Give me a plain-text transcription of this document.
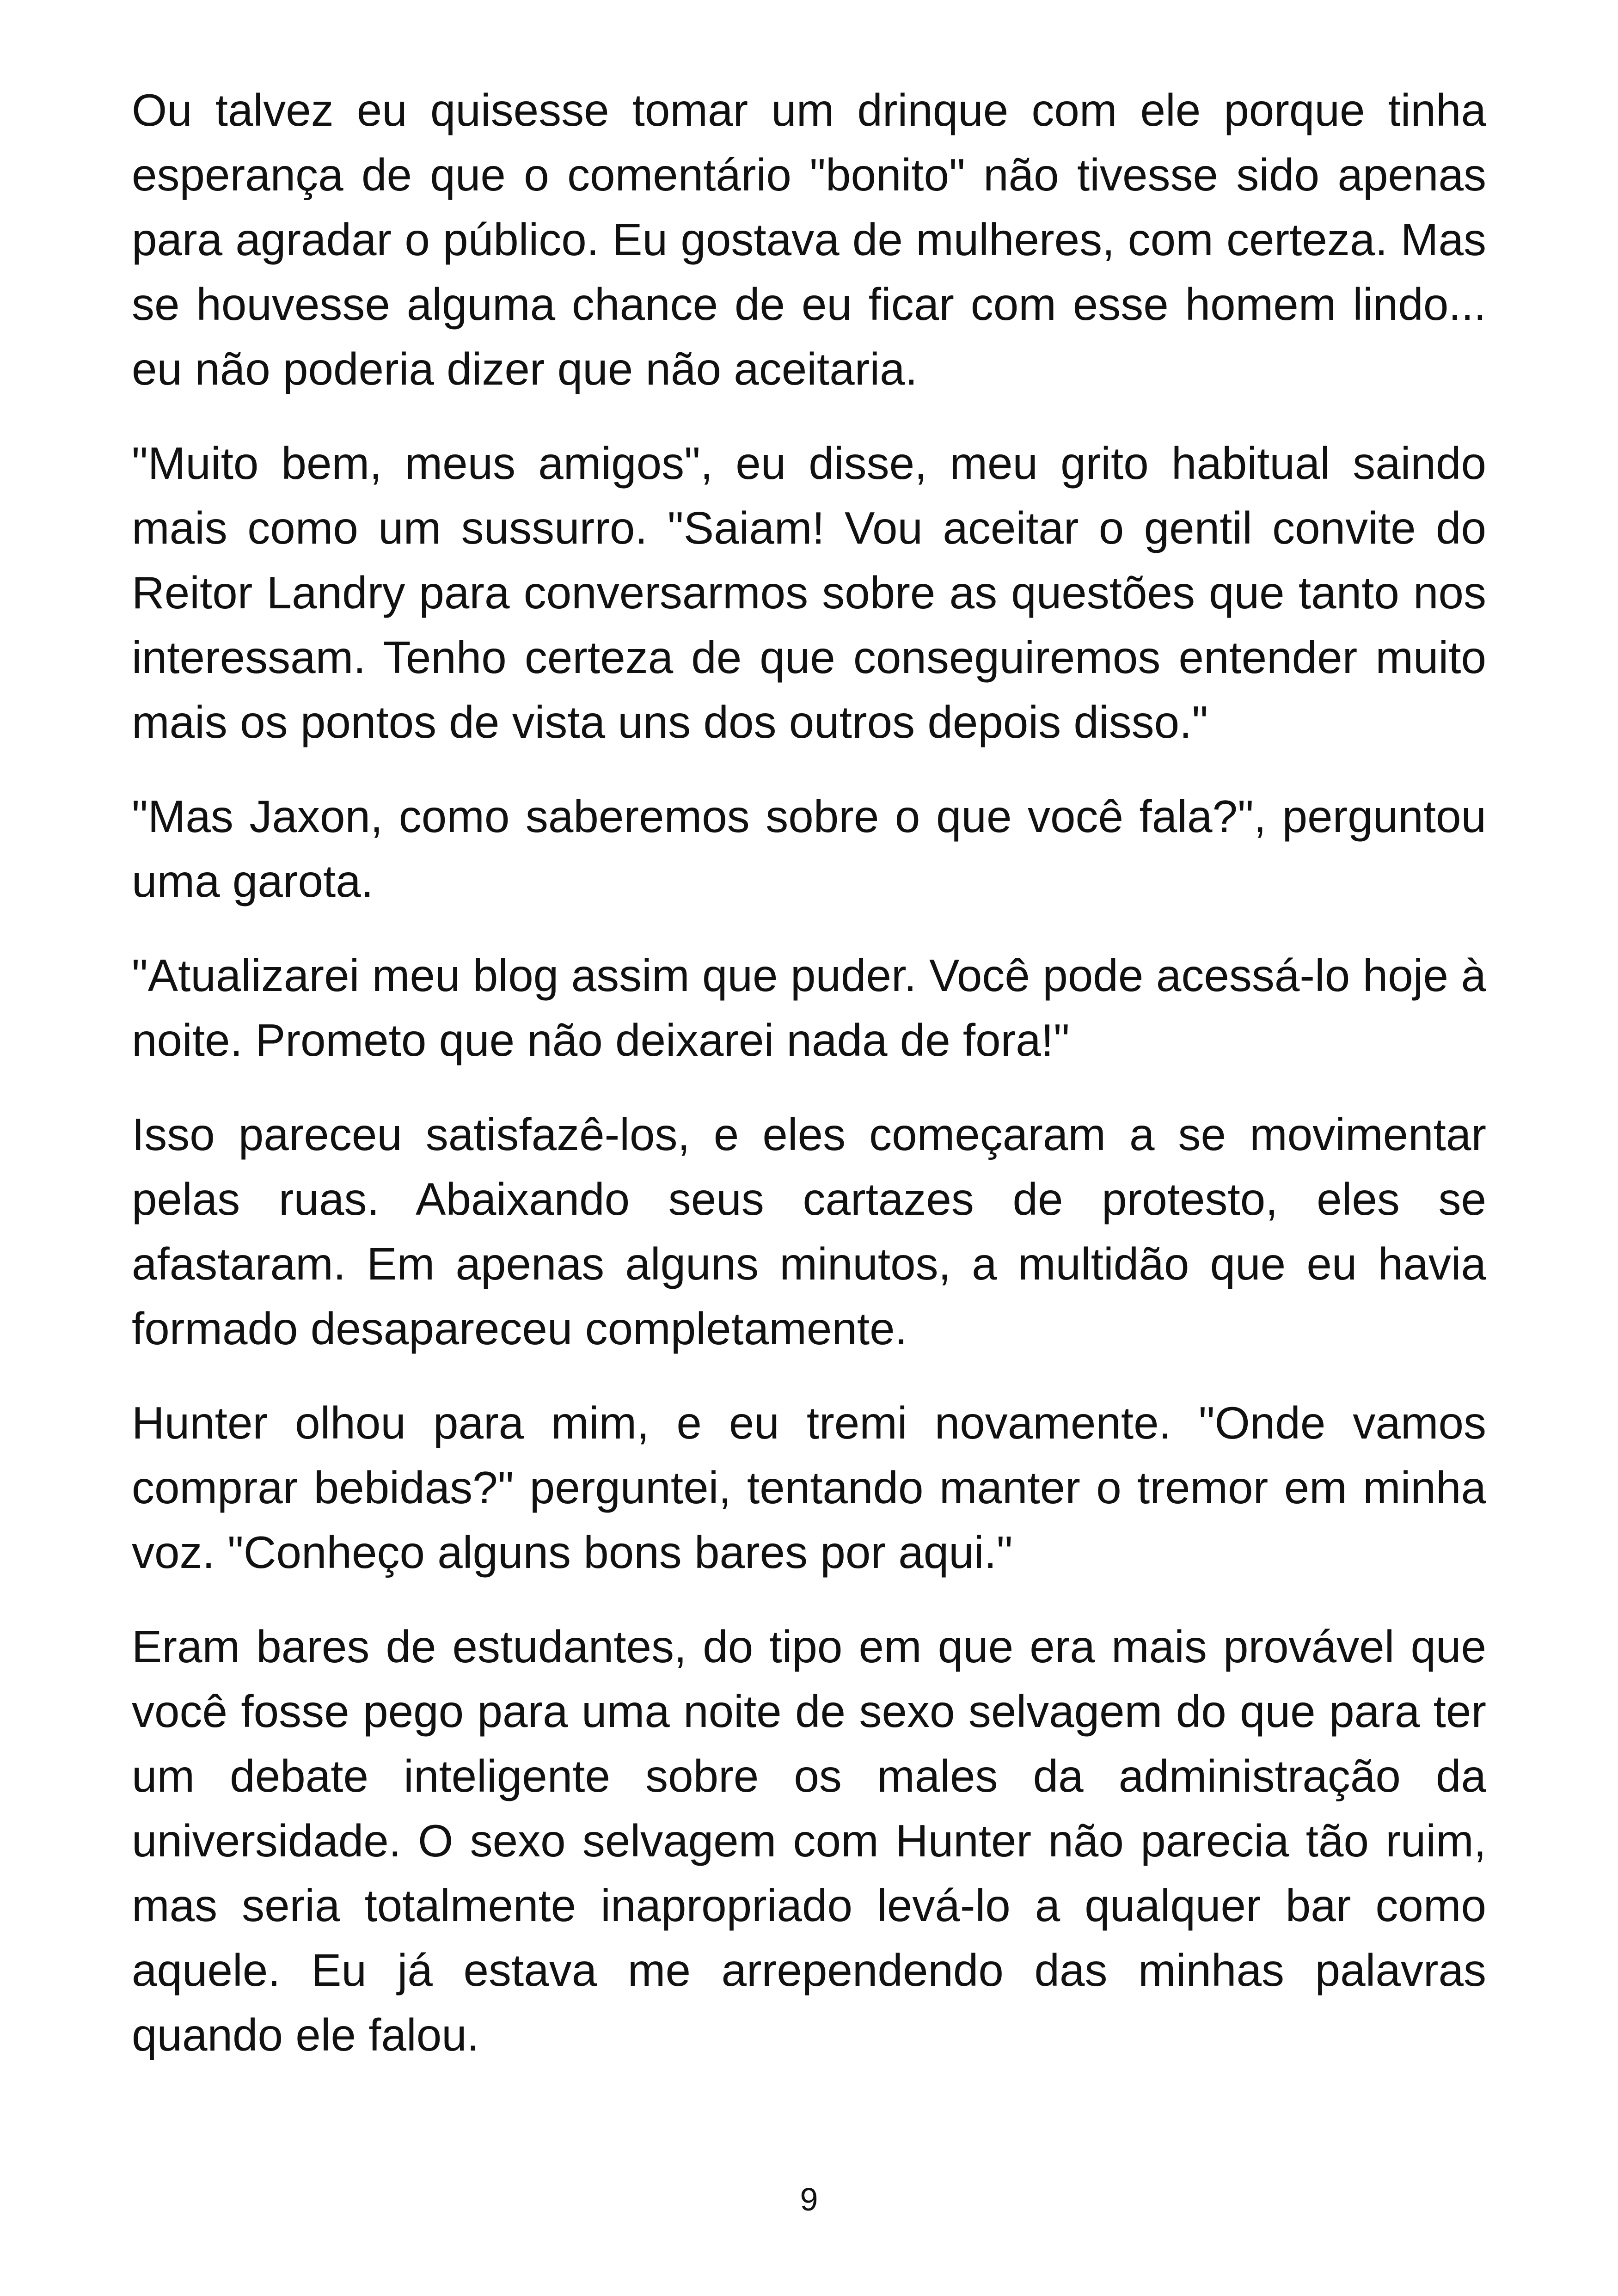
Ou talvez eu quisesse tomar um drinque com ele porque tinha esperança de que o comentário "bonito" não tivesse sido apenas para agradar o público. Eu gostava de mulheres, com certeza. Mas se houvesse alguma chance de eu ficar com esse homem lindo... eu não poderia dizer que não aceitaria.

"Muito bem, meus amigos", eu disse, meu grito habitual saindo mais como um sussurro. "Saiam! Vou aceitar o gentil convite do Reitor Landry para conversarmos sobre as questões que tanto nos interessam. Tenho certeza de que conseguiremos entender muito mais os pontos de vista uns dos outros depois disso."

"Mas Jaxon, como saberemos sobre o que você fala?", perguntou uma garota.

"Atualizarei meu blog assim que puder. Você pode acessá-lo hoje à noite. Prometo que não deixarei nada de fora!"

Isso pareceu satisfazê-los, e eles começaram a se movimentar pelas ruas. Abaixando seus cartazes de protesto, eles se afastaram. Em apenas alguns minutos, a multidão que eu havia formado desapareceu completamente.

Hunter olhou para mim, e eu tremi novamente. "Onde vamos comprar bebidas?" perguntei, tentando manter o tremor em minha voz. "Conheço alguns bons bares por aqui."

Eram bares de estudantes, do tipo em que era mais provável que você fosse pego para uma noite de sexo selvagem do que para ter um debate inteligente sobre os males da administração da universidade. O sexo selvagem com Hunter não parecia tão ruim, mas seria totalmente inapropriado levá-lo a qualquer bar como aquele. Eu já estava me arrependendo das minhas palavras quando ele falou.

9
